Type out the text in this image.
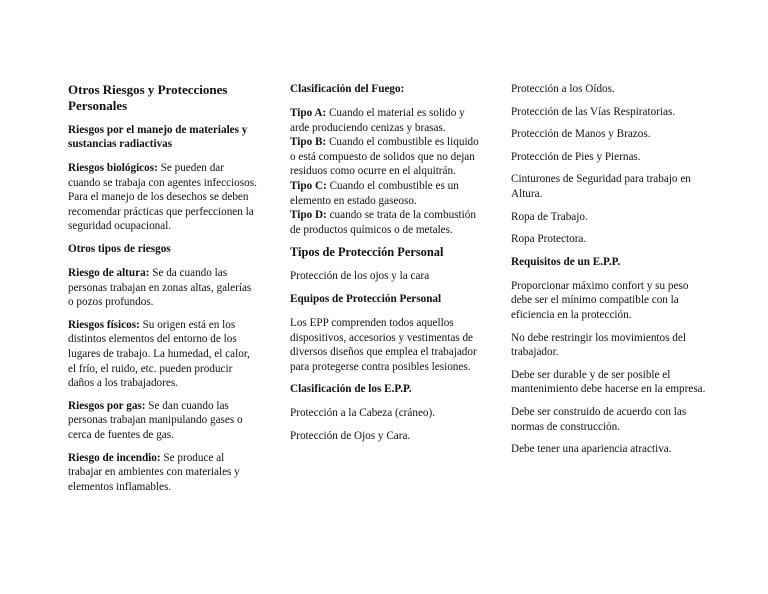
Otros Riesgos y Protecciones Personales

Riesgos por el manejo de materiales y sustancias radiactivas

Riesgos biológicos: Se pueden dar cuando se trabaja con agentes infecciosos.

Para el manejo de los desechos se deben recomendar prácticas que perfeccionen la seguridad ocupacional.

Otros tipos de riesgos

Riesgo de altura: Se da cuando las personas trabajan en zonas altas, galerías o pozos profundos.

Riesgos físicos: Su origen está en los distintos elementos del entorno de los lugares de trabajo. La humedad, el calor, el frío, el ruido, etc. pueden producir daños a los trabajadores.

Riesgos por gas: Se dan cuando las personas trabajan manipulando gases o cerca de fuentes de gas.

Riesgo de incendio: Se produce al trabajar en ambientes con materiales y elementos inflamables.

Clasificación del Fuego:

Tipo A: Cuando el material es solido y arde produciendo cenizas y brasas.

Tipo B: Cuando el combustible es liquido o está compuesto de solidos que no dejan residuos como ocurre en el alquitrán.

Tipo C: Cuando el combustible es un elemento en estado gaseoso.

Tipo D: cuando se trata de la combustión de productos químicos o de metales.

Tipos de Protección Personal

Protección de los ojos y la cara

Equipos de Protección Personal

Los EPP comprenden todos aquellos dispositivos, accesorios y vestimentas de diversos diseños que emplea el trabajador para protegerse contra posibles lesiones.

Clasificación de los E.P.P.

Protección a la Cabeza (cráneo).

Protección de Ojos y Cara.

Protección a los Oídos.

Protección de las Vías Respiratorias.

Protección de Manos y Brazos.

Protección de Pies y Piernas.

Cinturones de Seguridad para trabajo en Altura.

Ropa de Trabajo.

Ropa Protectora.

Requisitos de un E.P.P.

Proporcionar máximo confort y su peso debe ser el mínimo compatible con la eficiencia en la protección.

No debe restringir los movimientos del trabajador.

Debe ser durable y de ser posible el mantenimiento debe hacerse en la empresa.

Debe ser construido de acuerdo con las normas de construcción.

Debe tener una apariencia atractiva.
